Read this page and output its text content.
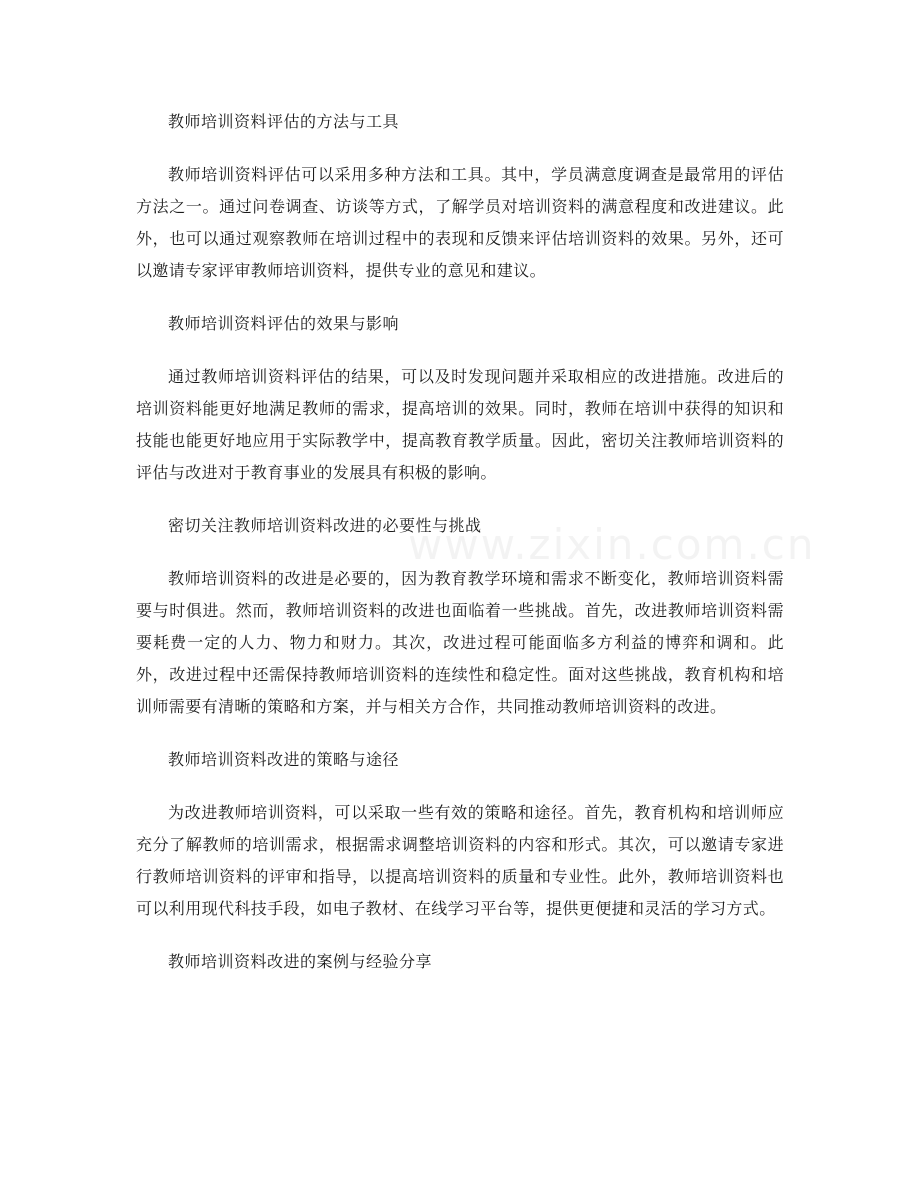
教师培训资料评估的方法与工具

教师培训资料评估可以采用多种方法和工具。其中，学员满意度调查是最常用的评估方法之一。通过问卷调查、访谈等方式，了解学员对培训资料的满意程度和改进建议。此外，也可以通过观察教师在培训过程中的表现和反馈来评估培训资料的效果。另外，还可以邀请专家评审教师培训资料，提供专业的意见和建议。

教师培训资料评估的效果与影响

通过教师培训资料评估的结果，可以及时发现问题并采取相应的改进措施。改进后的培训资料能更好地满足教师的需求，提高培训的效果。同时，教师在培训中获得的知识和技能也能更好地应用于实际教学中，提高教育教学质量。因此，密切关注教师培训资料的评估与改进对于教育事业的发展具有积极的影响。

密切关注教师培训资料改进的必要性与挑战

教师培训资料的改进是必要的，因为教育教学环境和需求不断变化，教师培训资料需要与时俱进。然而，教师培训资料的改进也面临着一些挑战。首先，改进教师培训资料需要耗费一定的人力、物力和财力。其次，改进过程可能面临多方利益的博弈和调和。此外，改进过程中还需保持教师培训资料的连续性和稳定性。面对这些挑战，教育机构和培训师需要有清晰的策略和方案，并与相关方合作，共同推动教师培训资料的改进。

教师培训资料改进的策略与途径

为改进教师培训资料，可以采取一些有效的策略和途径。首先，教育机构和培训师应充分了解教师的培训需求，根据需求调整培训资料的内容和形式。其次，可以邀请专家进行教师培训资料的评审和指导，以提高培训资料的质量和专业性。此外，教师培训资料也可以利用现代科技手段，如电子教材、在线学习平台等，提供更便捷和灵活的学习方式。

教师培训资料改进的案例与经验分享
www.zixin.com.cn
